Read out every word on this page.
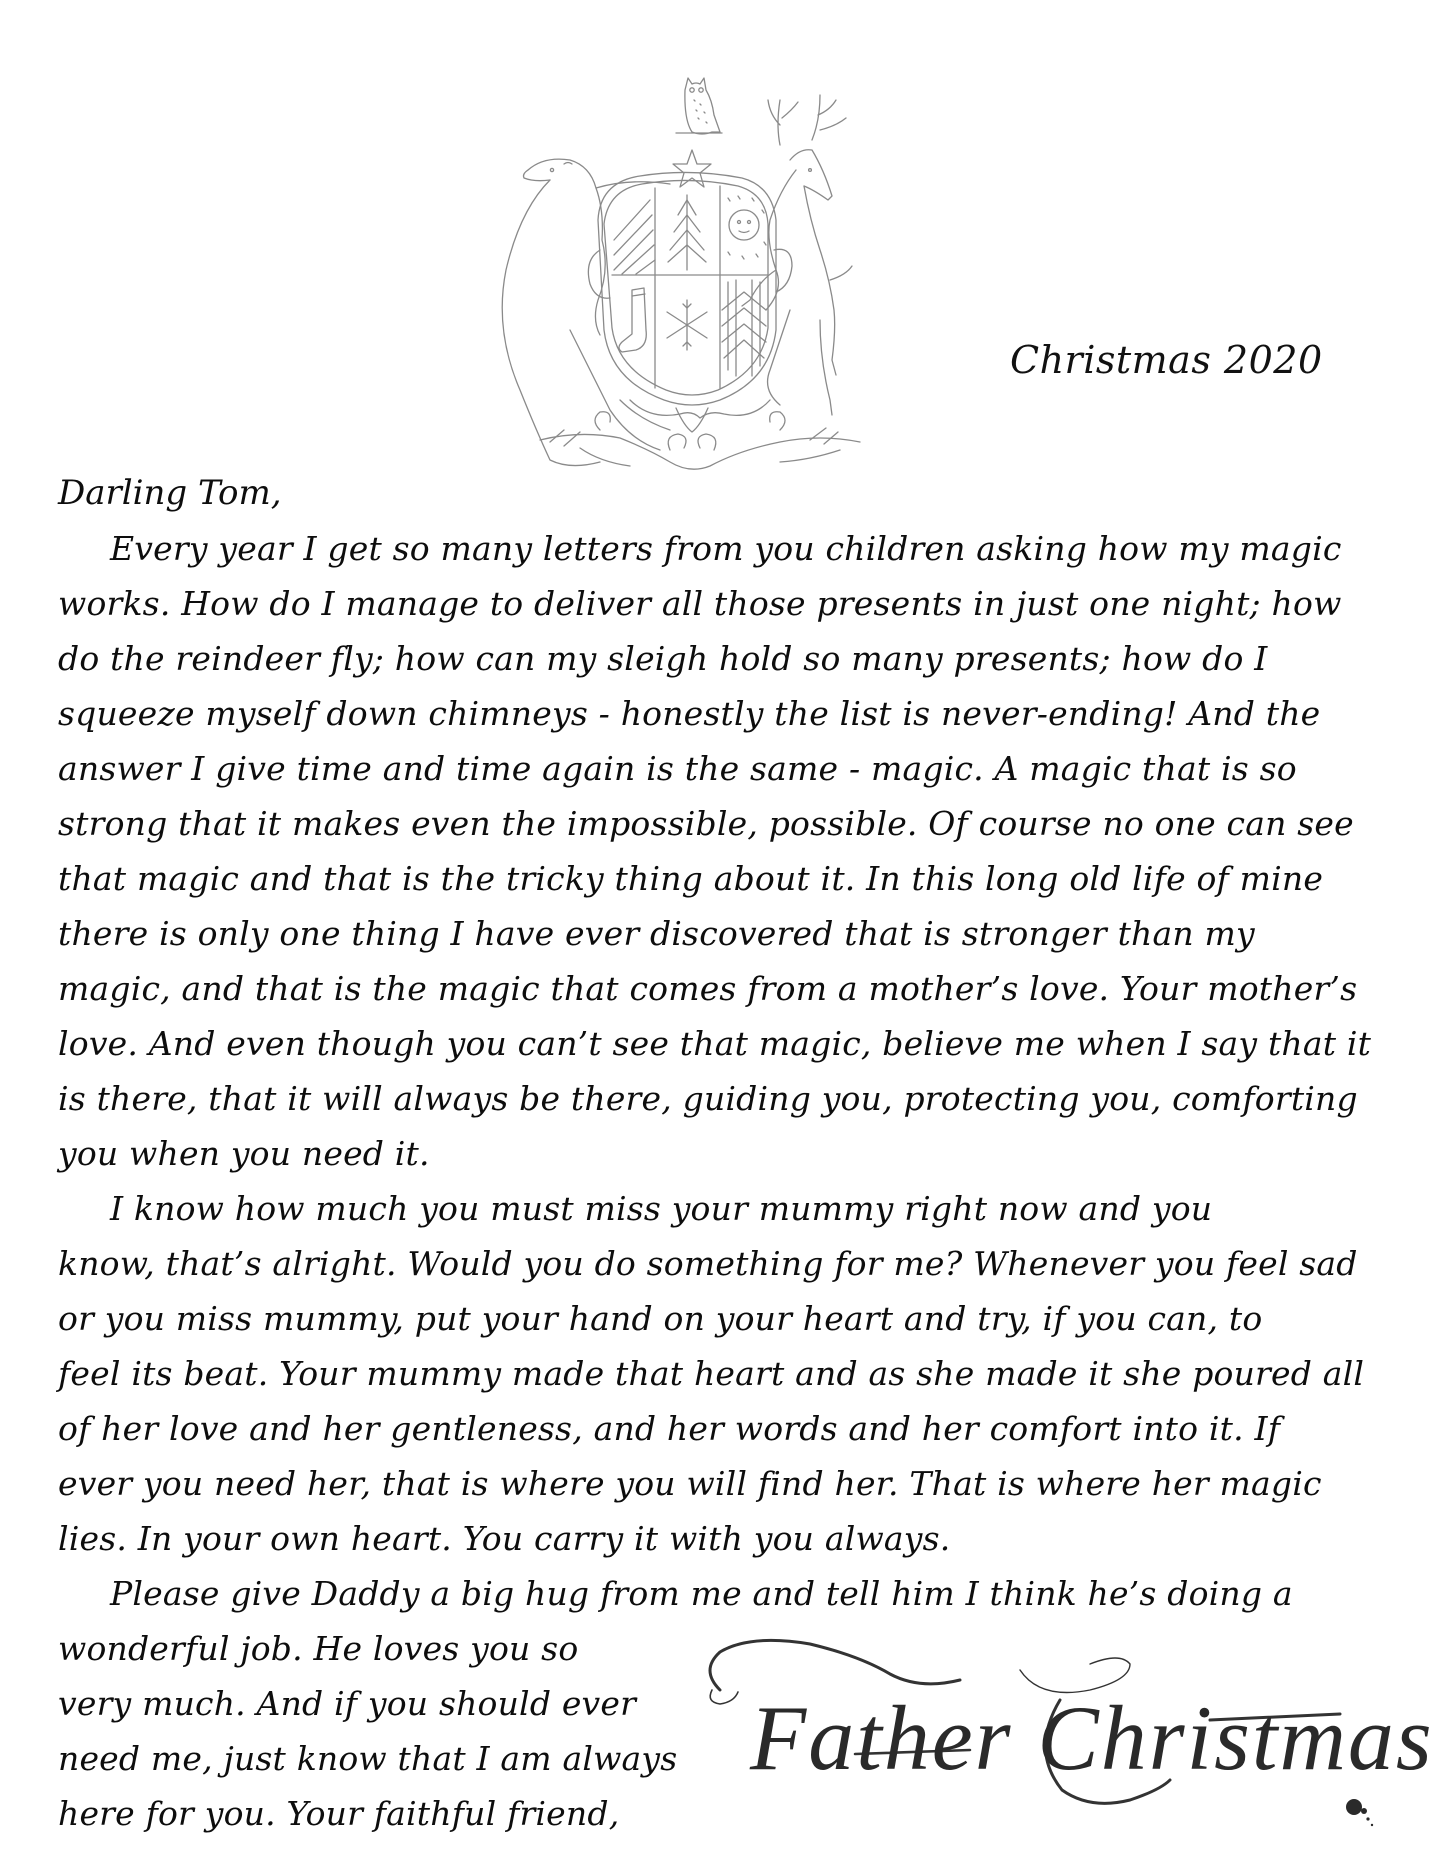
Christmas 2020
Darling Tom,
Every year I get so many letters from you children asking how my magic
works. How do I manage to deliver all those presents in just one night; how
do the reindeer fly; how can my sleigh hold so many presents; how do I
squeeze myself down chimneys - honestly the list is never-ending! And the
answer I give time and time again is the same - magic. A magic that is so
strong that it makes even the impossible, possible. Of course no one can see
that magic and that is the tricky thing about it. In this long old life of mine
there is only one thing I have ever discovered that is stronger than my
magic, and that is the magic that comes from a mother’s love. Your mother’s
love. And even though you can’t see that magic, believe me when I say that it
is there, that it will always be there, guiding you, protecting you, comforting
you when you need it.
I know how much you must miss your mummy right now and you
know, that’s alright. Would you do something for me? Whenever you feel sad
or you miss mummy, put your hand on your heart and try, if you can, to
feel its beat. Your mummy made that heart and as she made it she poured all
of her love and her gentleness, and her words and her comfort into it. If
ever you need her, that is where you will find her. That is where her magic
lies. In your own heart. You carry it with you always.
Please give Daddy a big hug from me and tell him I think he’s doing a
wonderful job. He loves you so
very much. And if you should ever
need me, just know that I am always
here for you. Your faithful friend,
Father Christmas
